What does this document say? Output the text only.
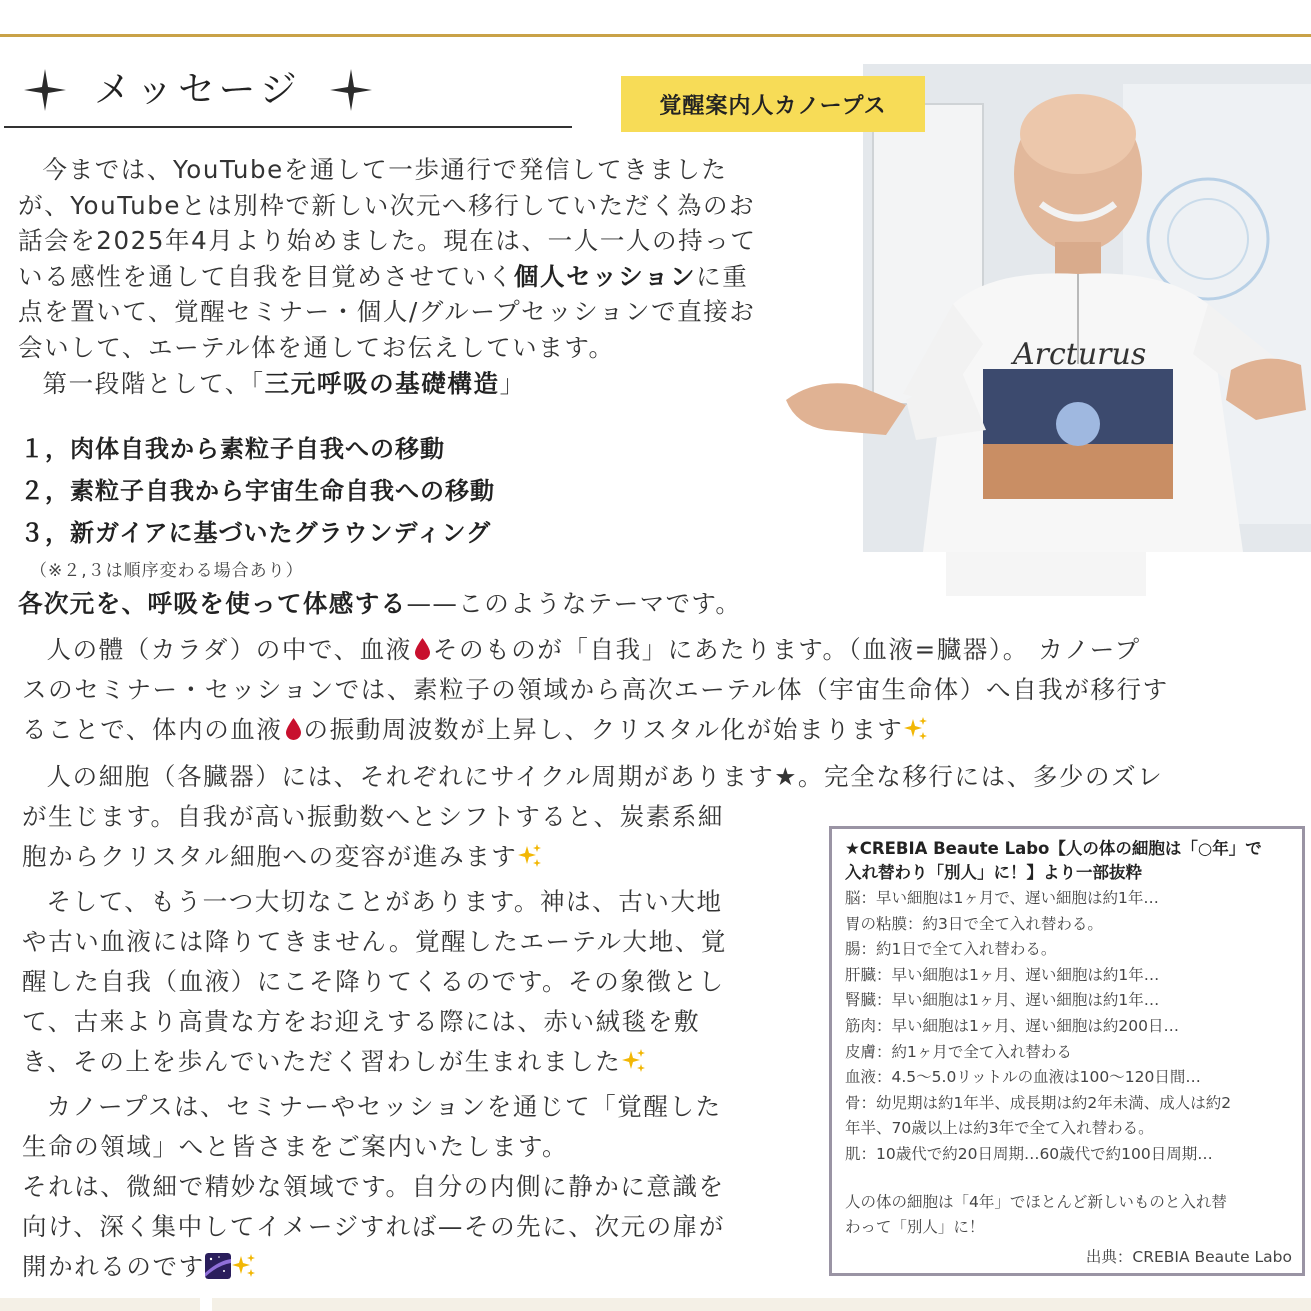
メッセージ
Arcturus
覚醒案内人カノープス

今までは、YouTubeを通して一歩通行で発信してきました

が、YouTubeとは別枠で新しい次元へ移行していただく為のお

話会を2025年4月より始めました。現在は、一人一人の持って

いる感性を通して自我を目覚めさせていく個人セッションに重

点を置いて、覚醒セミナー・個人/グループセッションで直接お

会いして、エーテル体を通してお伝えしています。

第一段階として、「三元呼吸の基礎構造」

１，肉体自我から素粒子自我への移動
２，素粒子自我から宇宙生命自我への移動
３，新ガイアに基づいたグラウンディング
（※２,３は順序変わる場合あり）
各次元を、呼吸を使って体感する——このようなテーマです。

人の體（カラダ）の中で、血液 そのものが「自我」にあたります。（血液=臓器）。 カノープ

スのセミナー・セッションでは、素粒子の領域から高次エーテル体（宇宙生命体）へ自我が移行す

ることで、体内の血液 の振動周波数が上昇し、クリスタル化が始まります

人の細胞（各臓器）には、それぞれにサイクル周期があります★。完全な移行には、多少のズレ

が生じます。自我が高い振動数へとシフトすると、炭素系細

胞からクリスタル細胞への変容が進みます

そして、もう一つ大切なことがあります。神は、古い大地

や古い血液には降りてきません。覚醒したエーテル大地、覚

醒した自我（血液）にこそ降りてくるのです。その象徴とし

て、古来より高貴な方をお迎えする際には、赤い絨毯を敷

き、その上を歩んでいただく習わしが生まれました

カノープスは、セミナーやセッションを通じて「覚醒した

生命の領域」へと皆さまをご案内いたします。

それは、微細で精妙な領域です。自分の内側に静かに意識を

向け、深く集中してイメージすれば—その先に、次元の扉が

開かれるのです

★CREBIA Beaute Labo【人の体の細胞は「○年」で
入れ替わり「別人」に！】より一部抜粋
脳：早い細胞は1ヶ月で、遅い細胞は約1年…
胃の粘膜：約3日で全て入れ替わる。
腸：約1日で全て入れ替わる。
肝臓：早い細胞は1ヶ月、遅い細胞は約1年…
腎臓：早い細胞は1ヶ月、遅い細胞は約1年…
筋肉：早い細胞は1ヶ月、遅い細胞は約200日…
皮膚：約1ヶ月で全て入れ替わる
血液：4.5〜5.0リットルの血液は100〜120日間…
骨：幼児期は約1年半、成長期は約2年未満、成人は約2
年半、70歳以上は約3年で全て入れ替わる。
肌：10歳代で約20日周期…60歳代で約100日周期…
人の体の細胞は「4年」でほとんど新しいものと入れ替
わって「別人」に！
出典：CREBIA Beaute Labo
